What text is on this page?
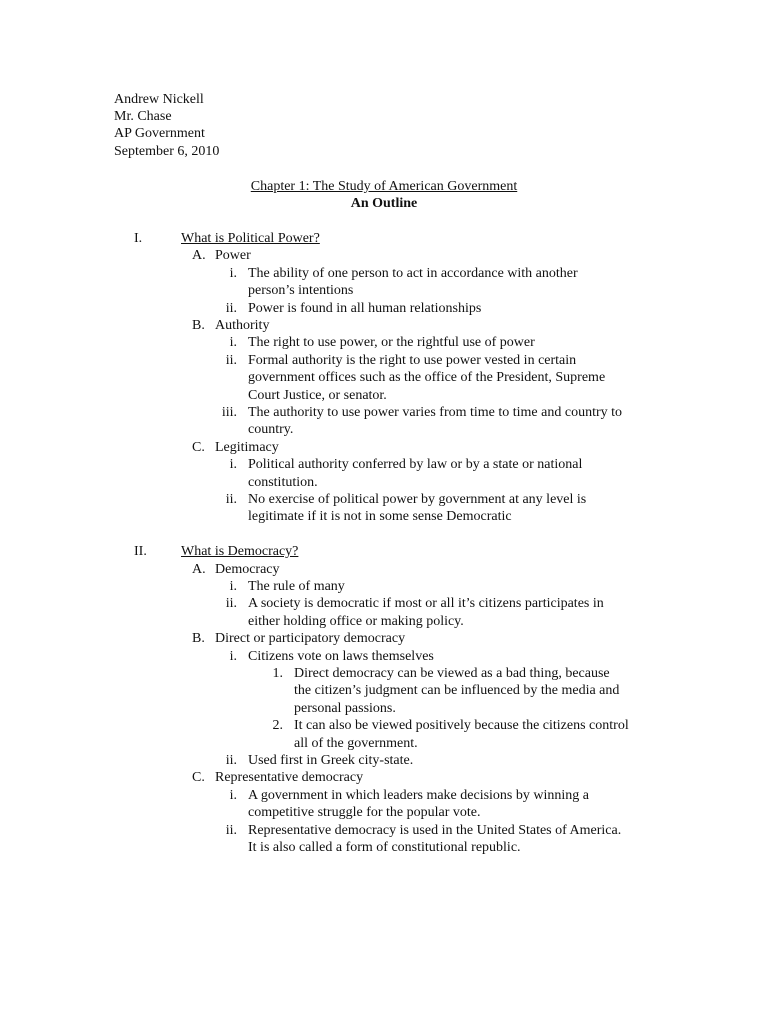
Andrew Nickell
Mr. Chase
AP Government
September 6, 2010
Chapter 1: The Study of American Government
An Outline
I.	What is Political Power?
A. Power
i. The ability of one person to act in accordance with another
person’s intentions
ii. Power is found in all human relationships
B. Authority
i. The right to use power, or the rightful use of power
ii. Formal authority is the right to use power vested in certain
government offices such as the office of the President, Supreme
Court Justice, or senator.
iii. The authority to use power varies from time to time and country to
country.
C. Legitimacy
i. Political authority conferred by law or by a state or national
constitution.
ii. No exercise of political power by government at any level is
legitimate if it is not in some sense Democratic
II. What is Democracy?
A. Democracy
i. The rule of many
ii. A society is democratic if most or all it’s citizens participates in
either holding office or making policy.
B. Direct or participatory democracy
i. Citizens vote on laws themselves
1. Direct democracy can be viewed as a bad thing, because
the citizen’s judgment can be influenced by the media and
personal passions.
2. It can also be viewed positively because the citizens control
all of the government.
ii. Used first in Greek city-state.
C. Representative democracy
i. A government in which leaders make decisions by winning a
competitive struggle for the popular vote.
ii. Representative democracy is used in the United States of America.
It is also called a form of constitutional republic.
